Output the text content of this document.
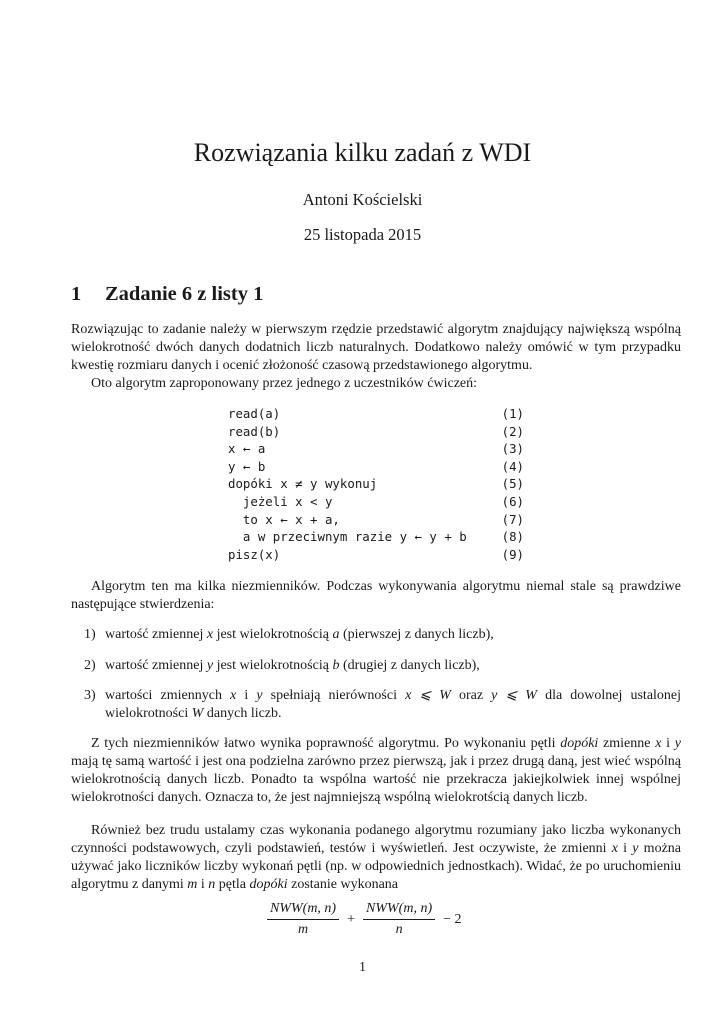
Rozwiązania kilku zadań z WDI
Antoni Kościelski
25 listopada 2015
1 Zadanie 6 z listy 1

Rozwiązując to zadanie należy w pierwszym rzędzie przedstawić algorytm znajdujący największą wspólną wielokrotność dwóch danych dodatnich liczb naturalnych. Dodatkowo należy omówić w tym przypadku kwestię rozmiaru danych i ocenić złożoność czasową przedstawionego algorytmu.

Oto algorytm zaproponowany przez jednego z uczestników ćwiczeń:

read(a)	(1)
read(b)	(2)
x ← a	(3)
y ← b	(4)
dopóki x ≠ y wykonuj	(5)
jeżeli x < y	(6)
to x ← x + a,	(7)
a w przeciwnym razie y ← y + b	(8)
pisz(x)	(9)

Algorytm ten ma kilka niezmienników. Podczas wykonywania algorytmu niemal stale są prawdziwe następujące stwierdzenia:

1) wartość zmiennej x jest wielokrotnością a (pierwszej z danych liczb),
2) wartość zmiennej y jest wielokrotnością b (drugiej z danych liczb),
3) wartości zmiennych x i y spełniają nierówności x ⩽ W oraz y ⩽ W dla dowolnej ustalonej wielokrotności W danych liczb.

Z tych niezmienników łatwo wynika poprawność algorytmu. Po wykonaniu pętli dopóki zmienne x i y mają tę samą wartość i jest ona podzielna zarówno przez pierwszą, jak i przez drugą daną, jest wieć wspólną wielokrotnością danych liczb. Ponadto ta wspólna wartość nie przekracza jakiejkolwiek innej wspólnej wielokrotności danych. Oznacza to, że jest najmniejszą wspólną wielokrotścią danych liczb.

Również bez trudu ustalamy czas wykonania podanego algorytmu rozumiany jako liczba wykonanych czynności podstawowych, czyli podstawień, testów i wyświetleń. Jest oczywiste, że zmienni x i y można używać jako liczników liczby wykonań pętli (np. w odpowiednich jednostkach). Widać, że po uruchomieniu algorytmu z danymi m i n pętla dopóki zostanie wykonana

$\frac{\text{NWW(m, n)}}{m} + \frac{\text{NWW(m, n)}}{n} - 2$
1
